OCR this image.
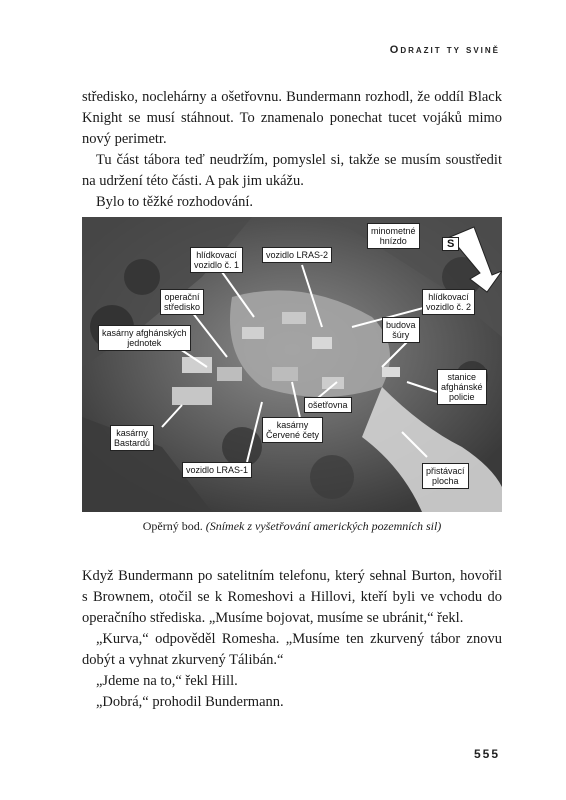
Odrazit ty svině

středisko, noclehárny a ošetřovnu. Bundermann rozhodl, že oddíl Black Knight se musí stáhnout. To znamenalo ponechat tucet vojáků mimo nový perimetr.

Tu část tábora teď neudržím, pomyslel si, takže se musím soustředit na udržení této části. A pak jim ukážu.

Bylo to těžké rozhodování.

minometné
hnízdo	S
hlídkovací
vozidlo č. 1
vozidlo LRAS-2
operační
středisko
kasárny afghánských
jednotek
hlídkovací
vozidlo č. 2
budova
šúry
stanice
afghánské
policie
ošetřovna
kasárny
Bastardů
kasárny
Červené čety
vozidlo LRAS-1	přistávací
plocha
Opěrný bod. (Snímek z vyšetřování amerických pozemních sil)

Když Bundermann po satelitním telefonu, který sehnal Burton, hovořil s Brownem, otočil se k Romeshovi a Hillovi, kteří byli ve vchodu do operačního střediska. „Musíme bojovat, musíme se ubránit,“ řekl.

„Kurva,“ odpověděl Romesha. „Musíme ten zkurvený tábor znovu dobýt a vyhnat zkurvený Tálibán.“

„Jdeme na to,“ řekl Hill.

„Dobrá,“ prohodil Bundermann.

555
